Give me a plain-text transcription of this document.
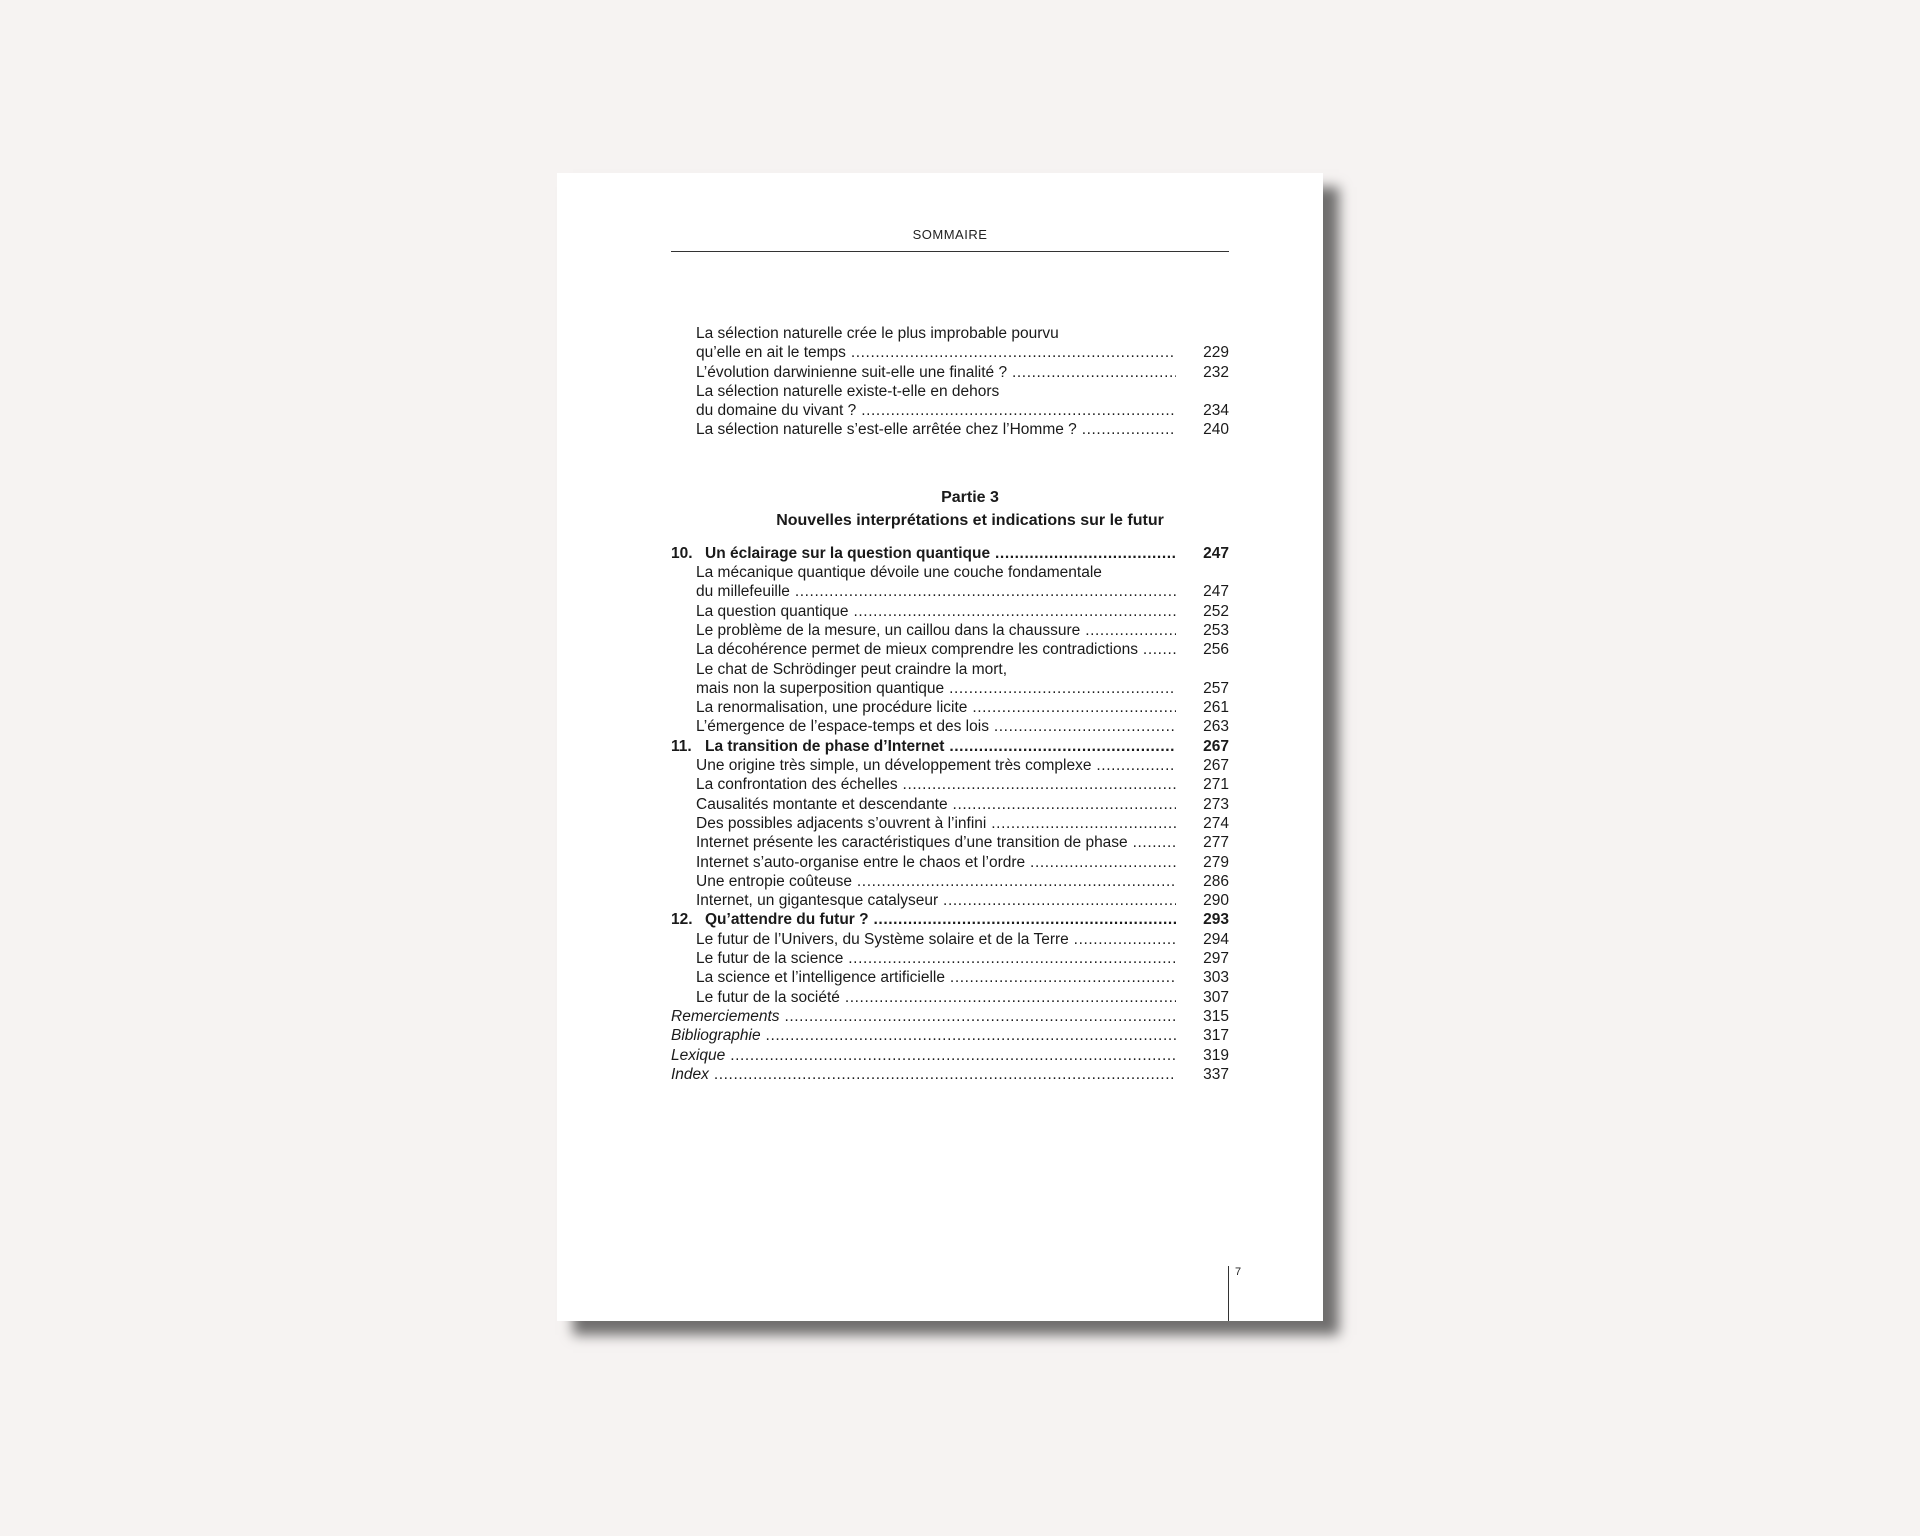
SOMMAIRE
La sélection naturelle crée le plus improbable pourvu
qu’elle en ait le temps .....	229
L’évolution darwinienne suit-elle une finalité ? .....	232
La sélection naturelle existe-t-elle en dehors
du domaine du vivant ? .....	234
La sélection naturelle s’est-elle arrêtée chez l’Homme ? .....	240
Partie 3
Nouvelles interprétations et indications sur le futur
10. Un éclairage sur la question quantique .....	247
La mécanique quantique dévoile une couche fondamentale
du millefeuille .....	247
La question quantique .....	252
Le problème de la mesure, un caillou dans la chaussure .....	253
La décohérence permet de mieux comprendre les contradictions .....	256
Le chat de Schrödinger peut craindre la mort,
mais non la superposition quantique .....	257
La renormalisation, une procédure licite .....	261
L’émergence de l’espace-temps et des lois .....	263
11. La transition de phase d’Internet .....	267
Une origine très simple, un développement très complexe .....	267
La confrontation des échelles .....	271
Causalités montante et descendante .....	273
Des possibles adjacents s’ouvrent à l’infini .....	274
Internet présente les caractéristiques d’une transition de phase .....	277
Internet s’auto-organise entre le chaos et l’ordre .....	279
Une entropie coûteuse .....	286
Internet, un gigantesque catalyseur .....	290
12. Qu’attendre du futur ? .....	293
Le futur de l’Univers, du Système solaire et de la Terre .....	294
Le futur de la science .....	297
La science et l’intelligence artificielle .....	303
Le futur de la société .....	307
Remerciements .....	315
Bibliographie .....	317
Lexique .....	319
Index .....	337
7
